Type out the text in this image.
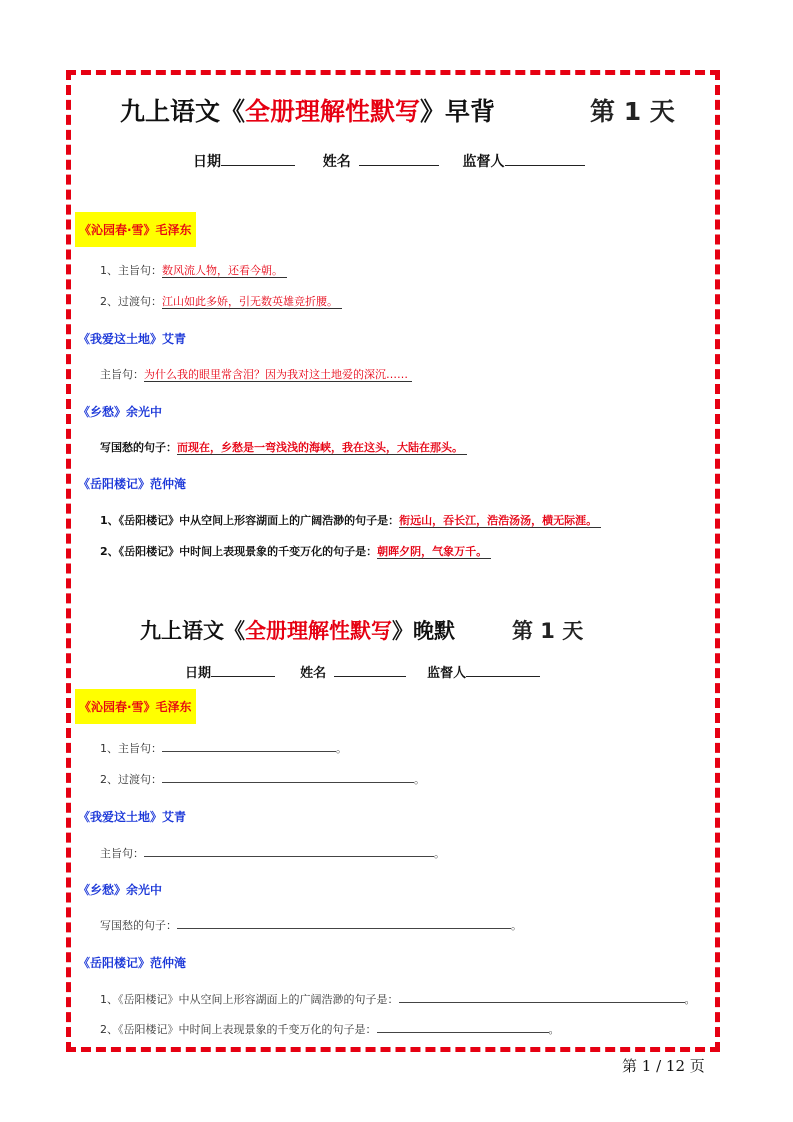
九上语文《全册理解性默写》早背	第 1 天
日期	姓名	监督人
《沁园春·雪》毛泽东
1、主旨句：数风流人物，还看今朝。
2、过渡句：江山如此多娇，引无数英雄竞折腰。
《我爱这土地》艾青
主旨句：为什么我的眼里常含泪？因为我对这土地爱的深沉……
《乡愁》余光中
写国愁的句子：而现在，乡愁是一弯浅浅的海峡，我在这头，大陆在那头。
《岳阳楼记》范仲淹
1、《岳阳楼记》中从空间上形容湖面上的广阔浩渺的句子是：衔远山，吞长江，浩浩汤汤，横无际涯。
2、《岳阳楼记》中时间上表现景象的千变万化的句子是：朝晖夕阴，气象万千。
九上语文《全册理解性默写》晚默	第 1 天
日期	姓名	监督人
《沁园春·雪》毛泽东
1、主旨句：	。
2、过渡句：	。
《我爱这土地》艾青
主旨句：	。
《乡愁》余光中
写国愁的句子：	。
《岳阳楼记》范仲淹
1、《岳阳楼记》中从空间上形容湖面上的广阔浩渺的句子是：	。
2、《岳阳楼记》中时间上表现景象的千变万化的句子是：	。
第 1 / 12 页
